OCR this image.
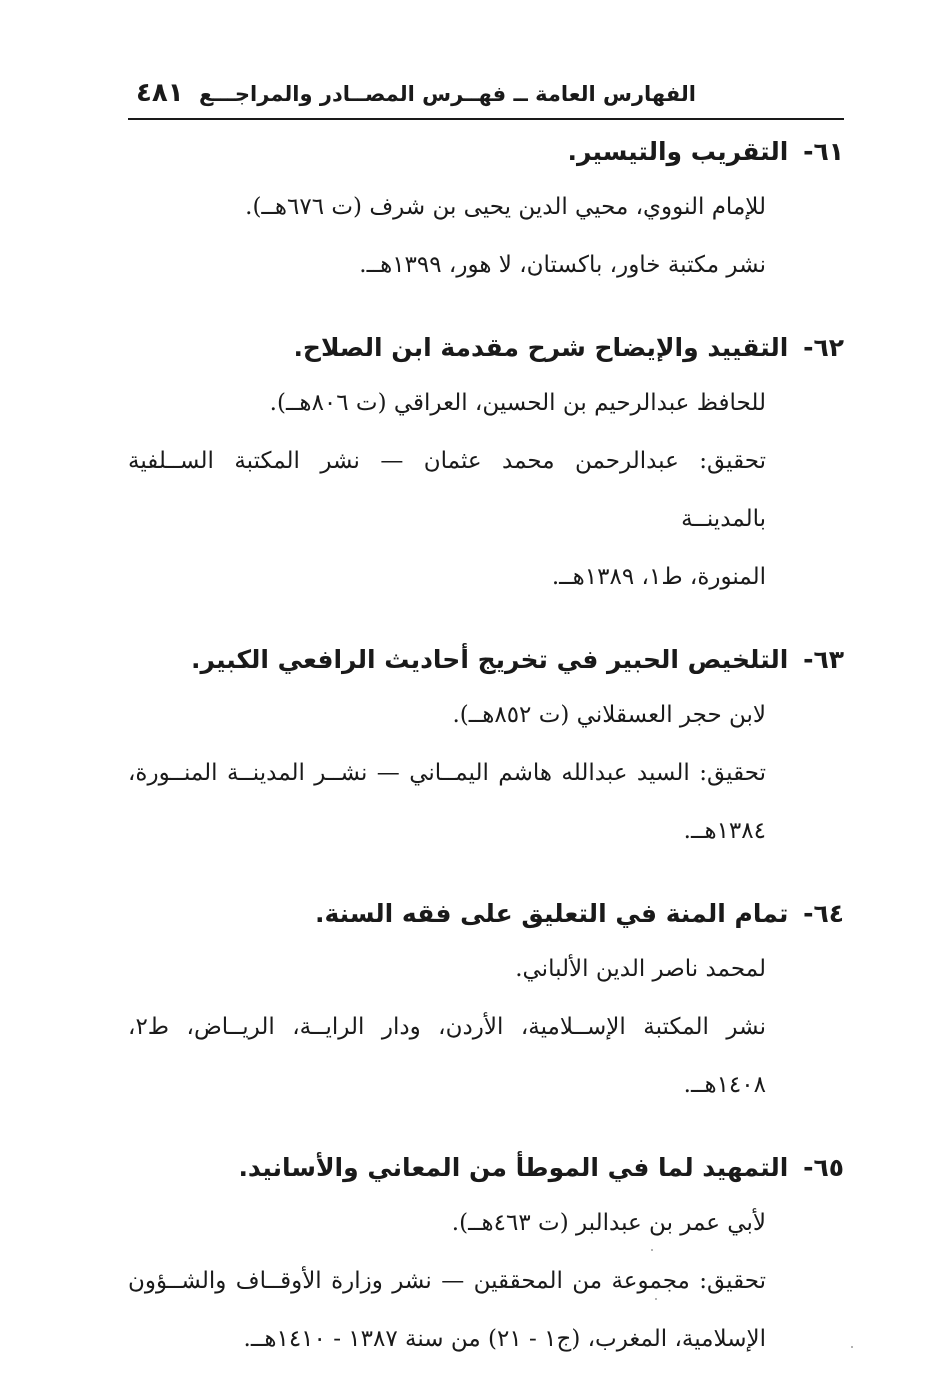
الفهارس العامة ــ فهــرس المصــادر والمراجـــع
٤٨١
٦١- التقريب والتيسير.
للإمام النووي، محيي الدين يحيى بن شرف (ت ٦٧٦هــ).
نشر مكتبة خاور، باكستان، لا هور، ١٣٩٩هــ.
٦٢- التقييد والإيضاح شرح مقدمة ابن الصلاح.
للحافظ عبدالرحيم بن الحسين، العراقي (ت ٨٠٦هــ).
تحقيق: عبدالرحمن محمد عثمان — نشر المكتبة الســلفية بالمدينــة
المنورة، ط١، ١٣٨٩هــ.
٦٣- التلخيص الحبير في تخريج أحاديث الرافعي الكبير.
لابن حجر العسقلاني (ت ٨٥٢هــ).
تحقيق: السيد عبدالله هاشم اليمــاني — نشــر المدينــة المنــورة،
١٣٨٤هــ.
٦٤- تمام المنة في التعليق على فقه السنة.
لمحمد ناصر الدين الألباني.
نشر المكتبة الإســلامية، الأردن، ودار الرايــة، الريــاض، ط٢،
١٤٠٨هــ.
٦٥- التمهيد لما في الموطأ من المعاني والأسانيد.
لأبي عمر بن عبدالبر (ت ٤٦٣هــ).
تحقيق: مجموعة من المحققين — نشر وزارة الأوقــاف والشــؤون
الإسلامية، المغرب، (ج١ - ٢١) من سنة ١٣٨٧ - ١٤١٠هــ.
